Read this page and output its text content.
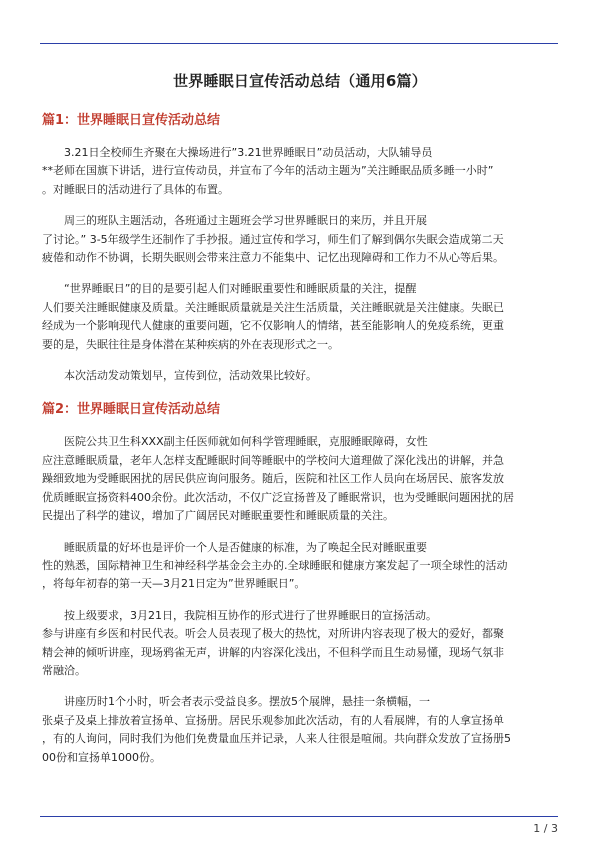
世界睡眠日宣传活动总结（通用6篇）
篇1：世界睡眠日宣传活动总结

3.21日全校师生齐聚在大操场进行”3.21世界睡眠日”动员活动，大队辅导员
**老师在国旗下讲话，进行宣传动员，并宣布了今年的活动主题为”关注睡眠品质多睡一小时”
。对睡眠日的活动进行了具体的布置。

周三的班队主题活动，各班通过主题班会学习世界睡眠日的来历，并且开展
了讨论。” 3-5年级学生还制作了手抄报。通过宣传和学习，师生们了解到偶尔失眠会造成第二天
疲倦和动作不协调，长期失眠则会带来注意力不能集中、记忆出现障碍和工作力不从心等后果。

“世界睡眠日”的目的是要引起人们对睡眠重要性和睡眠质量的关注，提醒
人们要关注睡眠健康及质量。关注睡眠质量就是关注生活质量，关注睡眠就是关注健康。失眠已
经成为一个影响现代人健康的重要问题，它不仅影响人的情绪，甚至能影响人的免疫系统，更重
要的是，失眠往往是身体潜在某种疾病的外在表现形式之一。

本次活动发动策划早，宣传到位，活动效果比较好。

篇2：世界睡眠日宣传活动总结

医院公共卫生科XXX副主任医师就如何科学管理睡眠，克服睡眠障碍，女性
应注意睡眠质量，老年人怎样支配睡眠时间等睡眠中的学校问大道理做了深化浅出的讲解，并急
躁细致地为受睡眠困扰的居民供应询问服务。随后，医院和社区工作人员向在场居民、旅客发放
优质睡眠宣扬资料400余份。此次活动，不仅广泛宣扬普及了睡眠常识，也为受睡眠问题困扰的居
民提出了科学的建议，增加了广阔居民对睡眠重要性和睡眠质量的关注。

睡眠质量的好坏也是评价一个人是否健康的标准，为了唤起全民对睡眠重要
性的熟悉，国际精神卫生和神经科学基金会主办的.全球睡眠和健康方案发起了一项全球性的活动
，将每年初春的第一天—3月21日定为”世界睡眠日”。

按上级要求，3月21日，我院相互协作的形式进行了世界睡眠日的宣扬活动。
参与讲座有乡医和村民代表。听会人员表现了极大的热忱，对所讲内容表现了极大的爱好，都聚
精会神的倾听讲座，现场鸦雀无声，讲解的内容深化浅出，不但科学而且生动易懂，现场气氛非
常融洽。

讲座历时1个小时，听会者表示受益良多。摆放5个展牌，悬挂一条横幅，一
张桌子及桌上排放着宣扬单、宣扬册。居民乐观参加此次活动，有的人看展牌，有的人拿宣扬单
，有的人询问，同时我们为他们免费量血压并记录，人来人往很是喧闹。共向群众发放了宣扬册5
00份和宣扬单1000份。

1 / 3
